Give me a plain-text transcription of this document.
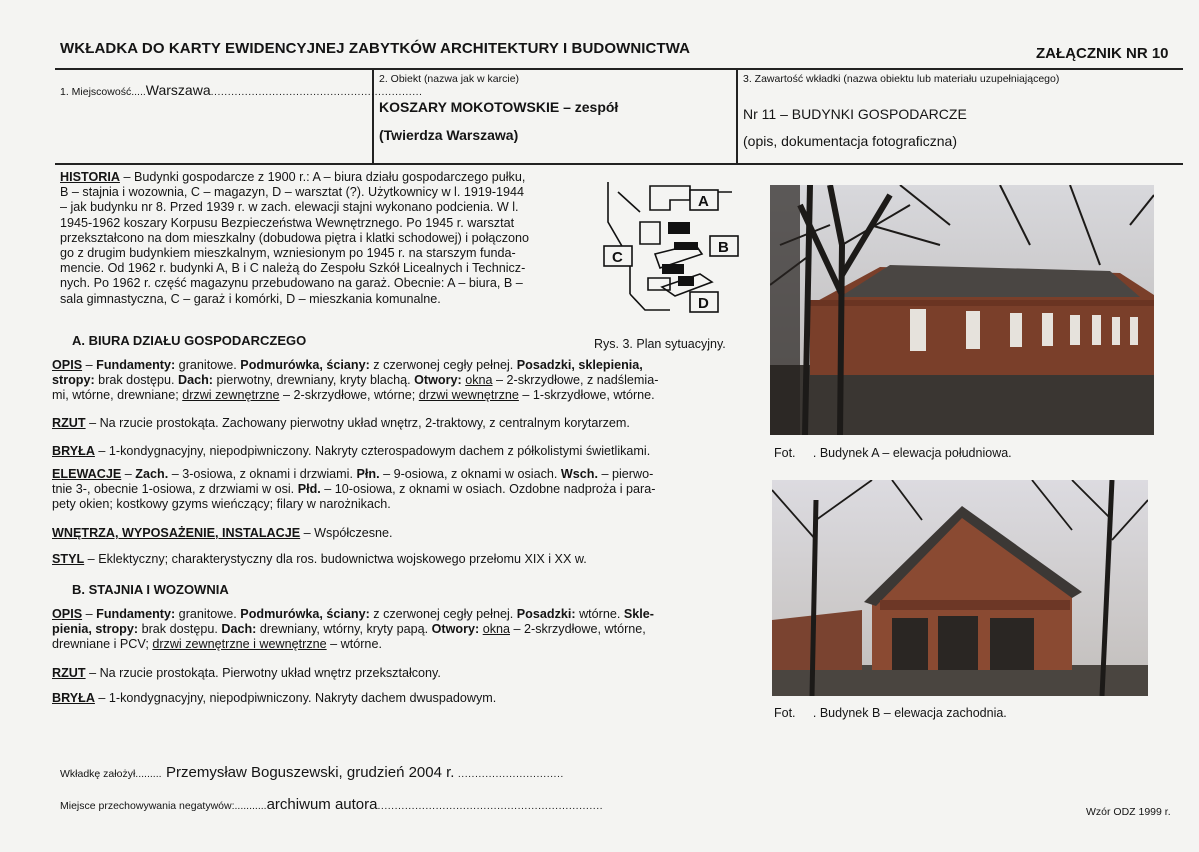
WKŁADKA DO KARTY EWIDENCYJNEJ ZABYTKÓW ARCHITEKTURY I BUDOWNICTWA	ZAŁĄCZNIK NR 10
1. Miejscowość.....Warszawa..............................................................
2. Obiekt (nazwa jak w karcie)
KOSZARY MOKOTOWSKIE – zespół
(Twierdza Warszawa)
3. Zawartość wkładki (nazwa obiektu lub materiału uzupełniającego)
Nr 11 – BUDYNKI GOSPODARCZE
(opis, dokumentacja fotograficzna)
HISTORIA – Budynki gospodarcze z 1900 r.: A – biura działu gospodarczego pułku,
B – stajnia i wozownia, C – magazyn, D – warsztat (?). Użytkownicy w l. 1919-1944
– jak budynku nr 8. Przed 1939 r. w zach. elewacji stajni wykonano podcienia. W l.
1945-1962 koszary Korpusu Bezpieczeństwa Wewnętrznego. Po 1945 r. warsztat
przekształcono na dom mieszkalny (dobudowa piętra i klatki schodowej) i połączono
go z drugim budynkiem mieszkalnym, wzniesionym po 1945 r. na starszym funda-
mencie. Od 1962 r. budynki A, B i C należą do Zespołu Szkół Licealnych i Technicz-
nych. Po 1962 r. część magazynu przebudowano na garaż. Obecnie: A – biura, B –
sala gimnastyczna, C – garaż i komórki, D – mieszkania komunalne.
A
B
C
D
Rys. 3. Plan sytuacyjny.
A. BIURA DZIAŁU GOSPODARCZEGO
OPIS – Fundamenty: granitowe. Podmurówka, ściany: z czerwonej cegły pełnej. Posadzki, sklepienia,
stropy: brak dostępu. Dach: pierwotny, drewniany, kryty blachą. Otwory: okna – 2-skrzydłowe, z nadślemia-
mi, wtórne, drewniane; drzwi zewnętrzne – 2-skrzydłowe, wtórne; drzwi wewnętrzne – 1-skrzydłowe, wtórne.
RZUT – Na rzucie prostokąta. Zachowany pierwotny układ wnętrz, 2-traktowy, z centralnym korytarzem.
BRYŁA – 1-kondygnacyjny, niepodpiwniczony. Nakryty czterospadowym dachem z półkolistymi świetlikami.
ELEWACJE – Zach. – 3-osiowa, z oknami i drzwiami. Płn. – 9-osiowa, z oknami w osiach. Wsch. – pierwo-
tnie 3-, obecnie 1-osiowa, z drzwiami w osi. Płd. – 10-osiowa, z oknami w osiach. Ozdobne nadproża i para-
pety okien; kostkowy gzyms wieńczący; filary w narożnikach.
WNĘTRZA, WYPOSAŻENIE, INSTALACJE – Współczesne.
STYL – Eklektyczny; charakterystyczny dla ros. budownictwa wojskowego przełomu XIX i XX w.
B. STAJNIA I WOZOWNIA
OPIS – Fundamenty: granitowe. Podmurówka, ściany: z czerwonej cegły pełnej. Posadzki: wtórne. Sklе-
pienia, stropy: brak dostępu. Dach: drewniany, wtórny, kryty papą. Otwory: okna – 2-skrzydłowe, wtórne,
drewniane i PCV; drzwi zewnętrzne i wewnętrzne – wtórne.
RZUT – Na rzucie prostokąta. Pierwotny układ wnętrz przekształcony.
BRYŁA – 1-kondygnacyjny, niepodpiwniczony. Nakryty dachem dwuspadowym.
Fot.     . Budynek A – elewacja południowa.
Fot.     . Budynek B – elewacja zachodnia.
Wkładkę założył......... Przemysław Boguszewski, grudzień 2004 r. ...............................
Miejsce przechowywania negatywów:...........archiwum autora..................................................................	Wzór ODZ 1999 r.
